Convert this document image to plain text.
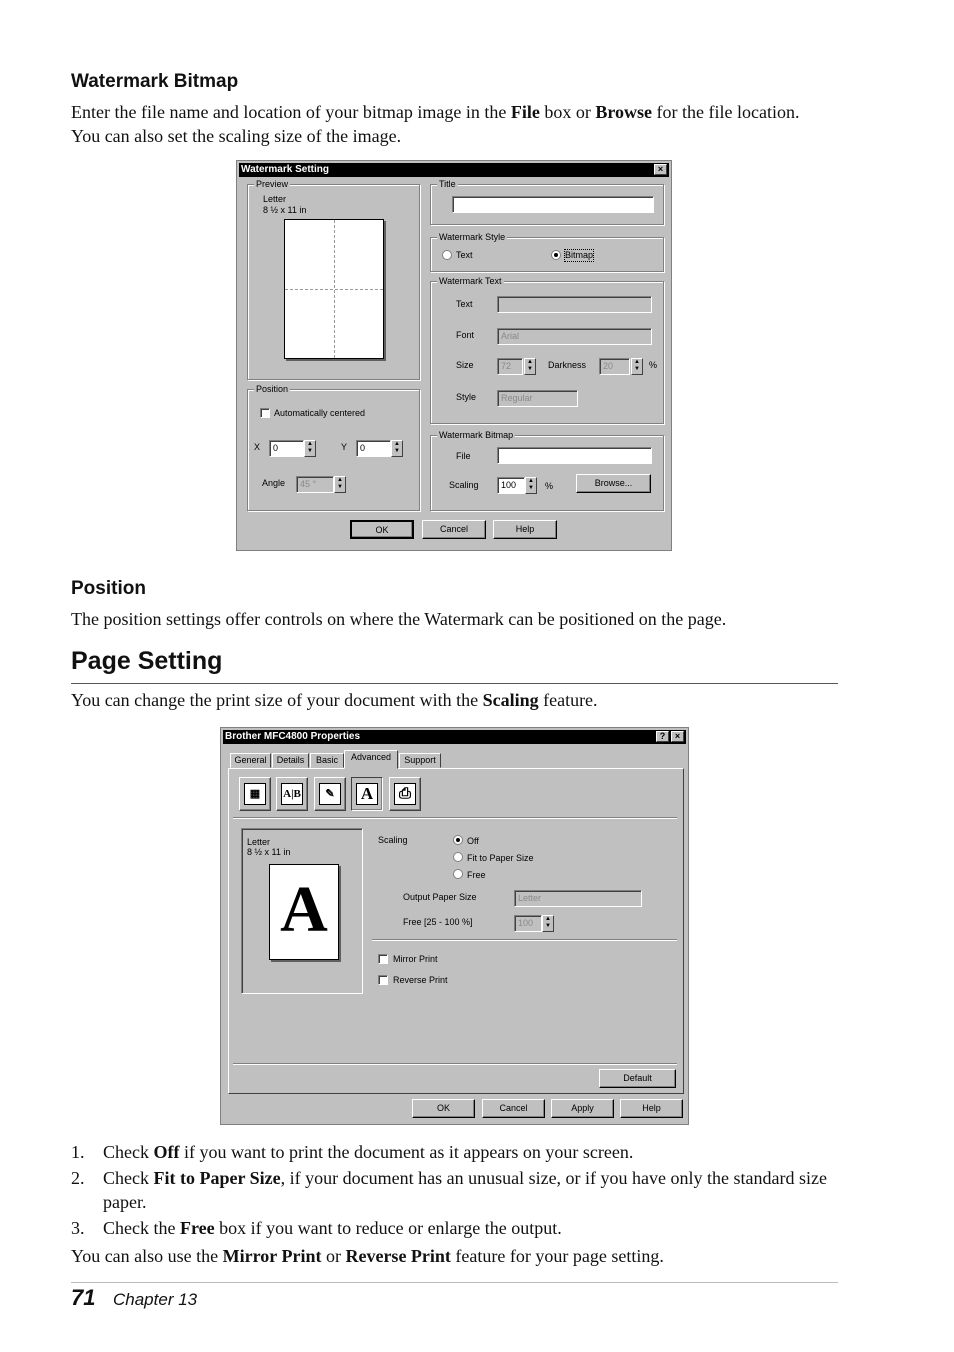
Watermark Bitmap
Enter the file name and location of your bitmap image in the File box or Browse for the file location.
You can also set the scaling size of the image.
Watermark Setting	×
Preview
Letter
8 ½ x 11 in
Position
Automatically centered
X	0	▲
▼	Y	0	▲
▼
Angle	45 °	▲
▼
Title
Watermark Style
Text	Bitmap
Watermark Text
Text
Font	Arial
Size	72	▲
▼	Darkness	20	▲
▼	%
Style	Regular
Watermark Bitmap
File
Scaling	100	▲
▼	%	Browse...
OK	Cancel	Help
Position
The position settings offer controls on where the Watermark can be positioned on the page.
Page Setting
You can change the print size of your document with the Scaling feature.
Brother MFC4800 Properties	?	×
General	Details	Basic	Advanced	Support
▦	A|B	✎	A	⎙
Letter
8 ½ x 11 in
A
Scaling	Off
Fit to Paper Size
Free
Output Paper Size	Letter
Free [25 - 100 %]	100	▲
▼
Mirror Print
Reverse Print
Default
OK	Cancel	Apply	Help
1. Check Off if you want to print the document as it appears on your screen.
2. Check Fit to Paper Size, if your document has an unusual size, or if you have only the standard size paper.
3. Check the Free box if you want to reduce or enlarge the output.
You can also use the Mirror Print or Reverse Print feature for your page setting.
71 Chapter 13
